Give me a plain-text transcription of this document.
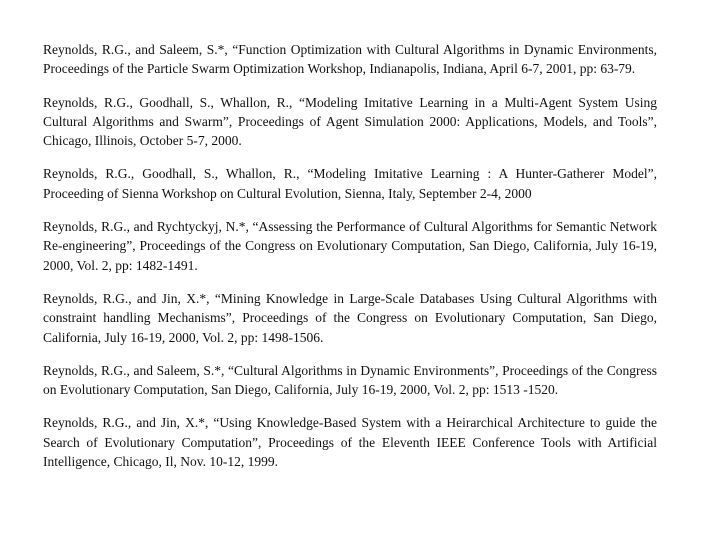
Reynolds, R.G., and Saleem, S.*, “Function Optimization with Cultural Algorithms in Dynamic Environments, Proceedings of the Particle Swarm Optimization Workshop, Indianapolis, Indiana, April 6-7, 2001, pp: 63-79.

Reynolds, R.G., Goodhall, S., Whallon, R., “Modeling Imitative Learning in a Multi-Agent System Using Cultural Algorithms and Swarm”, Proceedings of Agent Simulation 2000: Applications, Models, and Tools”, Chicago, Illinois, October 5-7, 2000.

Reynolds, R.G., Goodhall, S., Whallon, R., “Modeling Imitative Learning : A Hunter-Gatherer Model”, Proceeding of Sienna Workshop on Cultural Evolution, Sienna, Italy, September 2-4, 2000

Reynolds, R.G., and Rychtyckyj, N.*, “Assessing the Performance of Cultural Algorithms for Semantic Network Re-engineering”, Proceedings of the Congress on Evolutionary Computation, San Diego, California, July 16-19, 2000, Vol. 2, pp: 1482-1491.

Reynolds, R.G., and Jin, X.*, “Mining Knowledge in Large-Scale Databases Using Cultural Algorithms with constraint handling Mechanisms”, Proceedings of the Congress on Evolutionary Computation, San Diego, California, July 16-19, 2000, Vol. 2, pp: 1498-1506.

Reynolds, R.G., and Saleem, S.*, “Cultural Algorithms in Dynamic Environments”, Proceedings of the Congress on Evolutionary Computation, San Diego, California, July 16-19, 2000, Vol. 2, pp: 1513 -1520.

Reynolds, R.G., and Jin, X.*, “Using Knowledge-Based System with a Heirarchical Architecture to guide the Search of Evolutionary Computation”, Proceedings of the Eleventh IEEE Conference Tools with Artificial Intelligence, Chicago, Il, Nov. 10-12, 1999.
